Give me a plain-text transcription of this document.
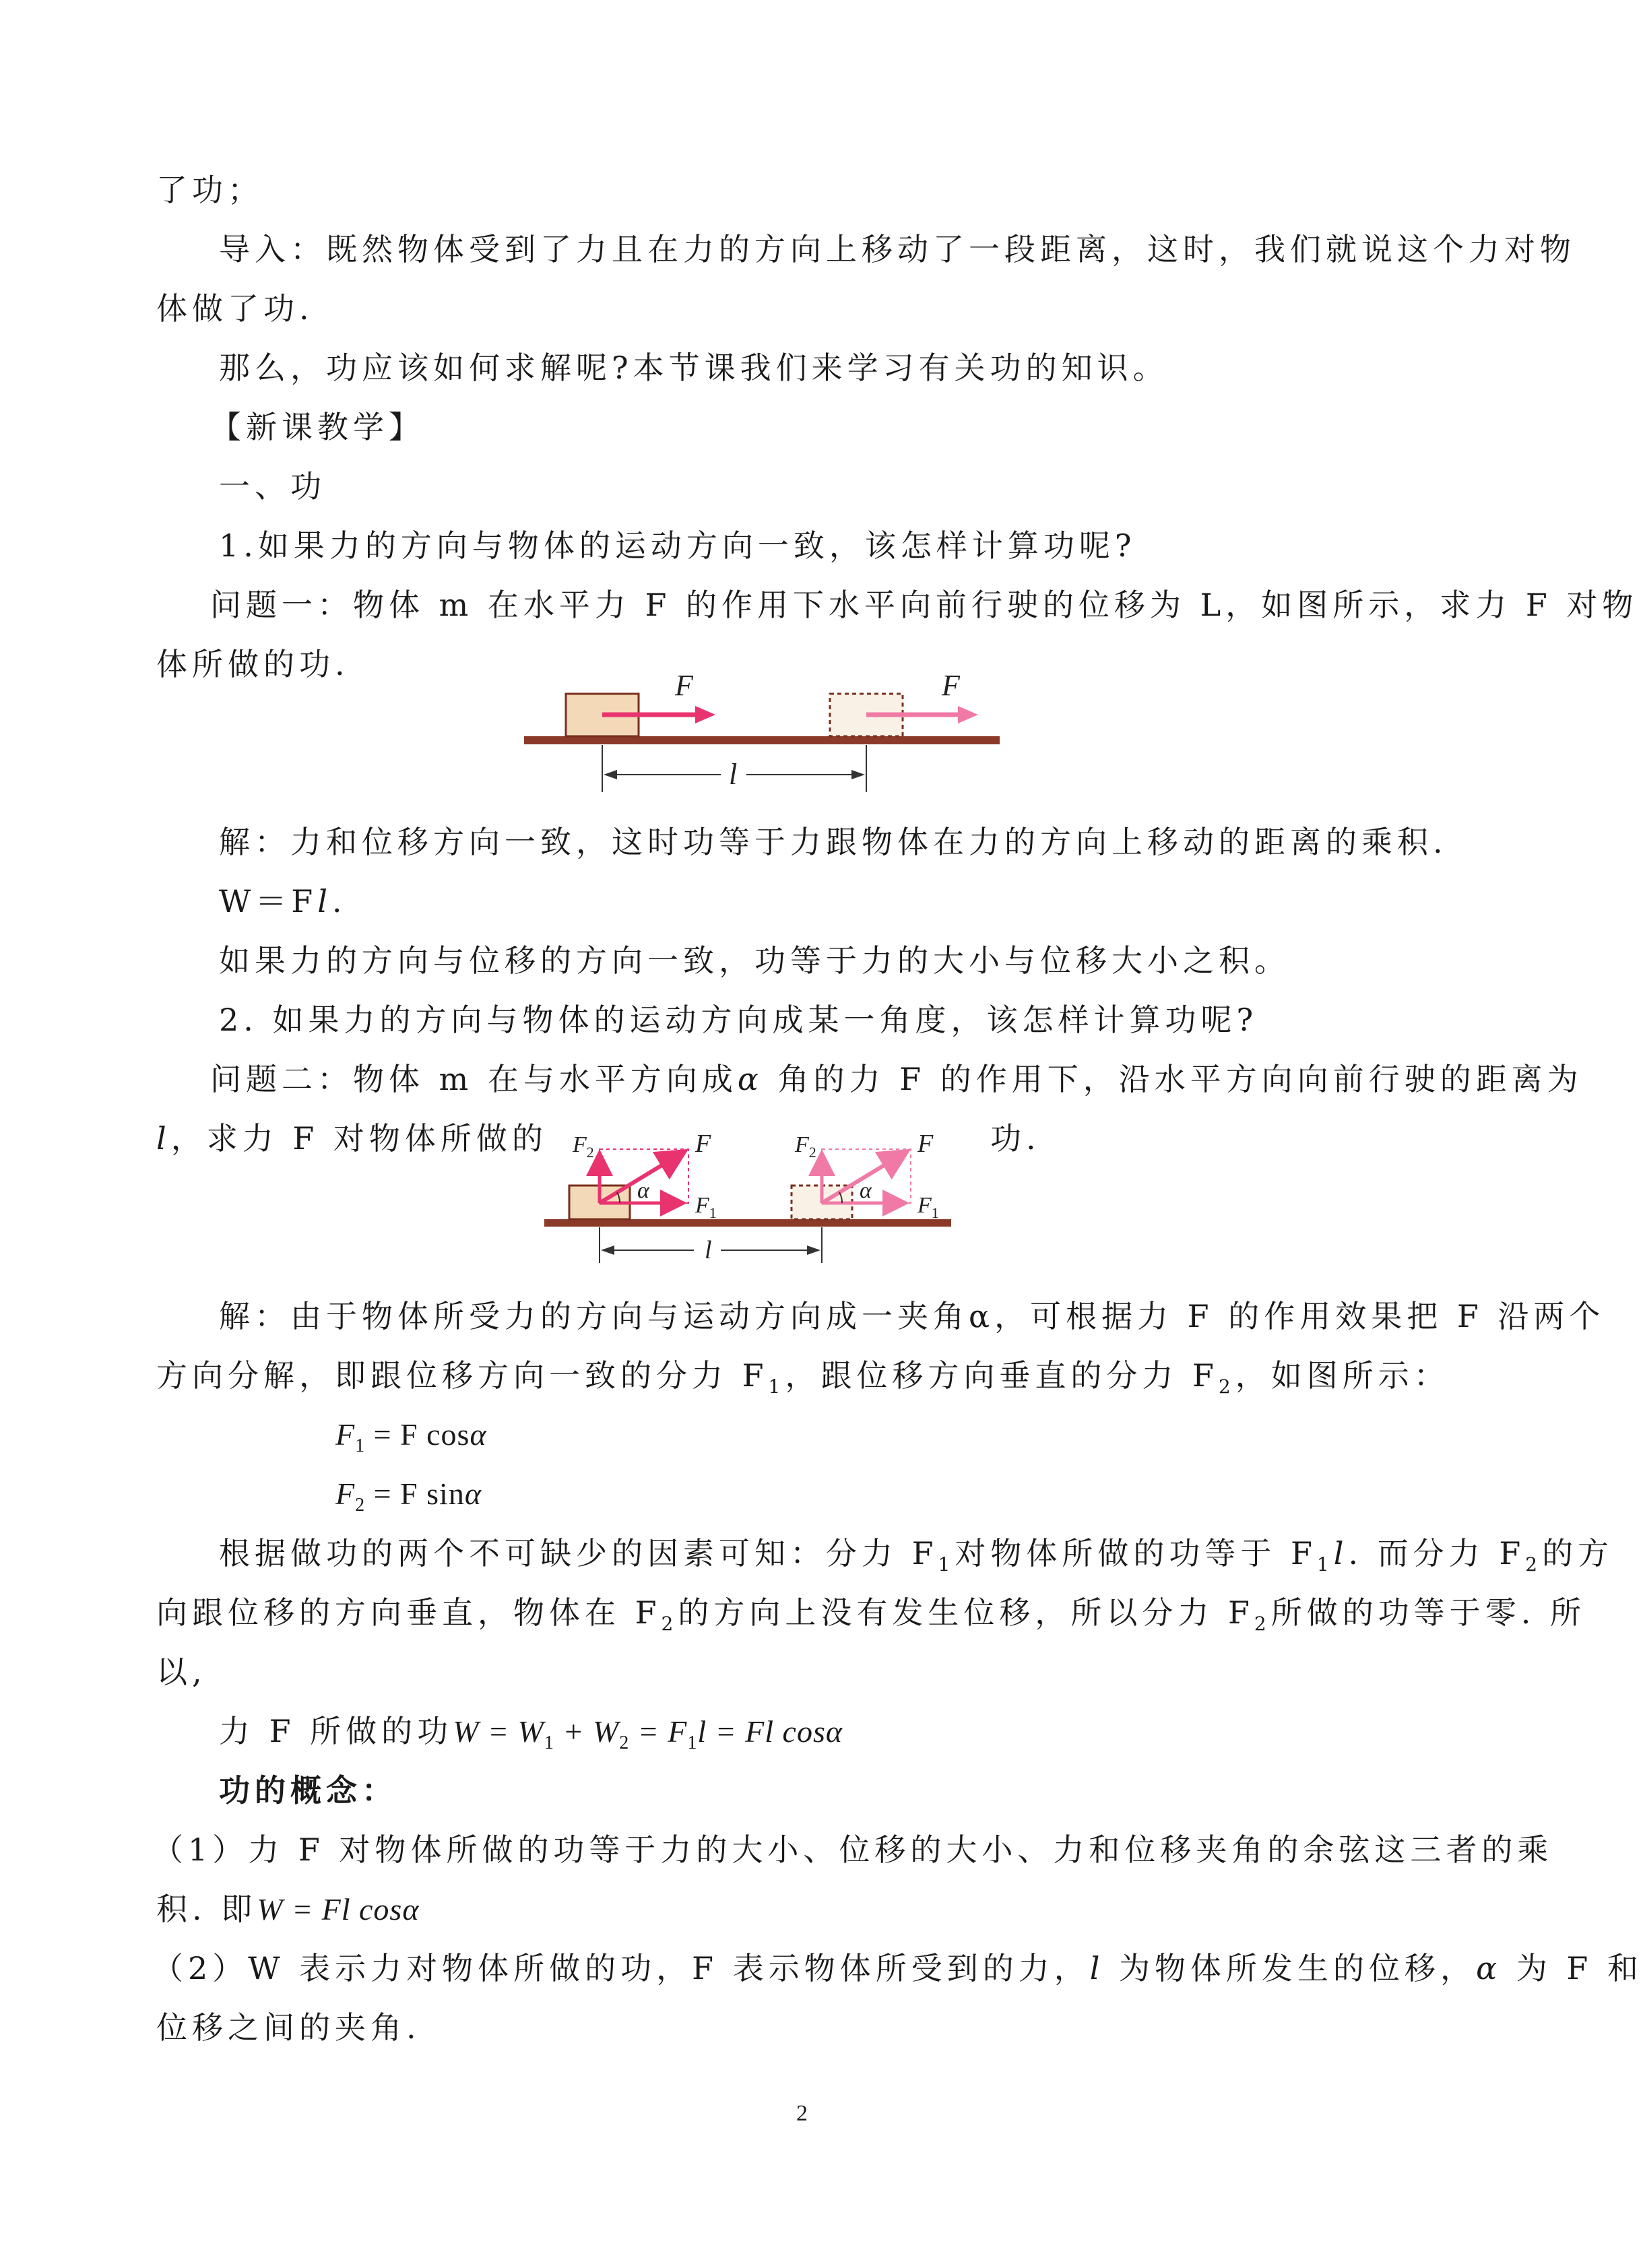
了功；
导入：既然物体受到了力且在力的方向上移动了一段距离，这时，我们就说这个力对物
体做了功.
那么，功应该如何求解呢?本节课我们来学习有关功的知识。
【新课教学】
一、功
1.如果力的方向与物体的运动方向一致，该怎样计算功呢?
问题一：物体 m 在水平力 F 的作用下水平向前行驶的位移为 L，如图所示，求力 F 对物
体所做的功.
F	F
l
解：力和位移方向一致，这时功等于力跟物体在力的方向上移动的距离的乘积.
W＝Fl.
如果力的方向与位移的方向一致，功等于力的大小与位移大小之积。
2. 如果力的方向与物体的运动方向成某一角度，该怎样计算功呢?
问题二：物体 m 在与水平方向成α 角的力 F 的作用下，沿水平方向向前行驶的距离为
l，求力 F 对物体所做的	功.
F
$F_1$
$F_2$
α
F
$F_1$
$F_2$
α
l
解：由于物体所受力的方向与运动方向成一夹角α，可根据力 F 的作用效果把 F 沿两个
方向分解，即跟位移方向一致的分力 $F_1$，跟位移方向垂直的分力 $F_2$，如图所示：
$F_1 = F$ cosα
$F_2 = F$ sinα
根据做功的两个不可缺少的因素可知：分力 $F_1$对物体所做的功等于 $F_1l$. 而分力 $F_2$的方
向跟位移的方向垂直，物体在 $F_2$的方向上没有发生位移，所以分力 $F_2$所做的功等于零. 所
以,
力 F 所做的功$W = W_1 + W_2 = F_1l = Fl$ cosα
功的概念：
（1）力 F 对物体所做的功等于力的大小、位移的大小、力和位移夹角的余弦这三者的乘
积. 即W = Fl cosα
（2）W 表示力对物体所做的功，F 表示物体所受到的力，l 为物体所发生的位移，α 为 F 和
位移之间的夹角.
2
